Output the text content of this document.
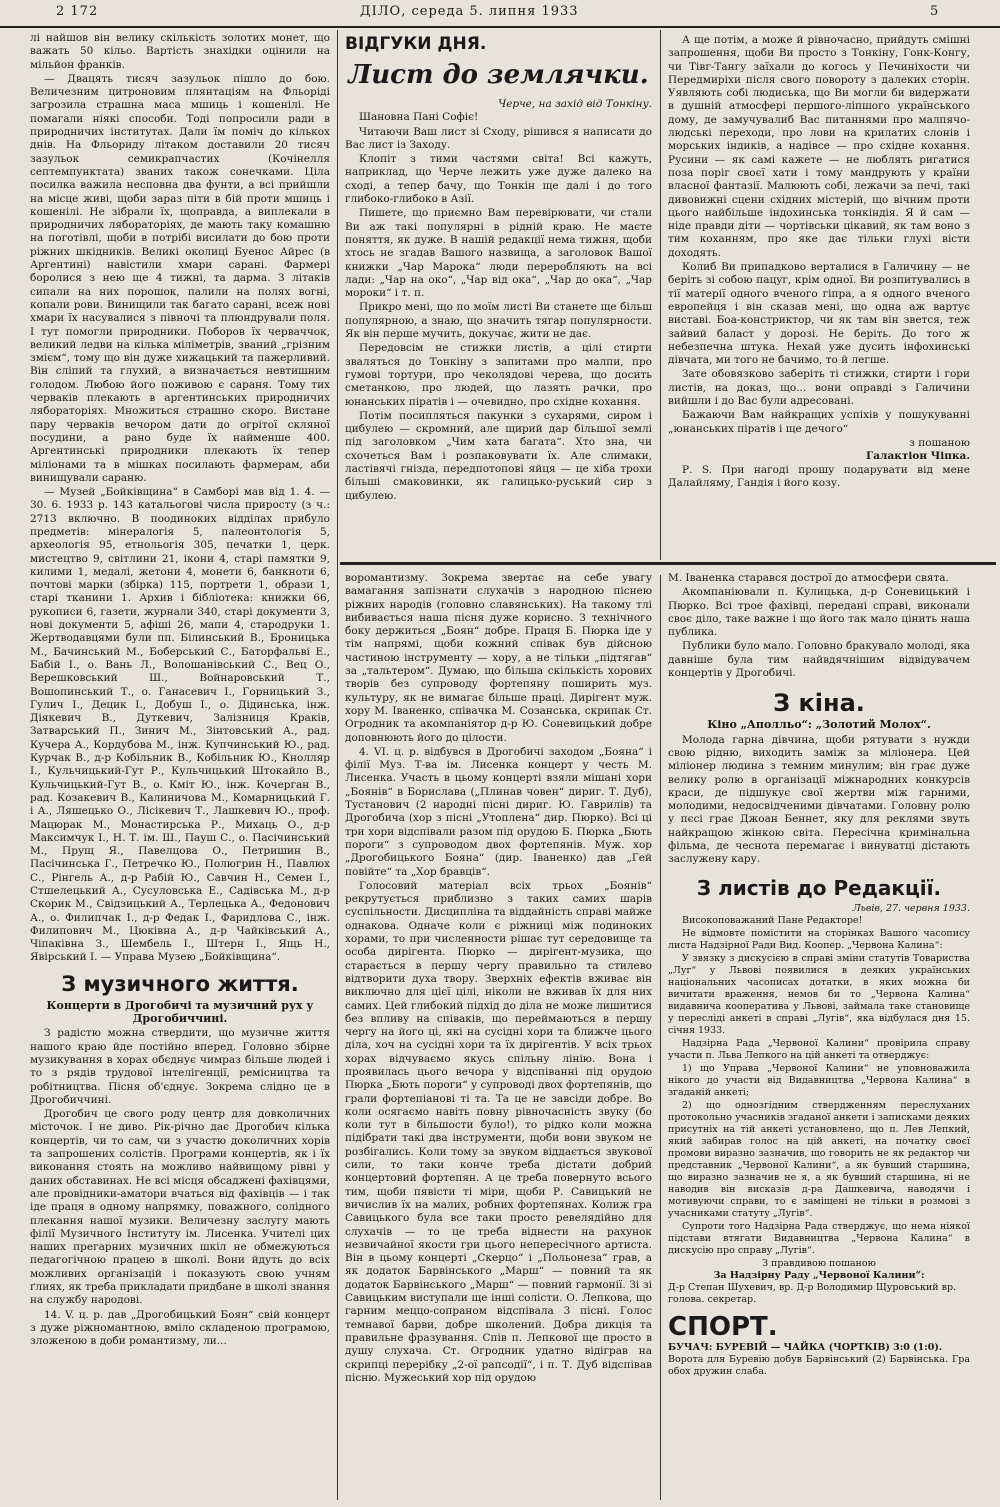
2 172	ДІЛО, середа 5. липня 1933	5

лі найшов він велику скількість золотих монет, що важать 50 кільо. Вартість знахідки оцінили на мільйон франків.

— Двацять тисяч зазульок пішло до бою. Величезним цитроновим плянтаціям на Фльоріді загрозила страшна маса мшиць і кошенілі. Не помагали ніякі способи. Тоді попросили ради в природничих інститутах. Дали їм поміч до кількох днів. На Фльориду літаком доставили 20 тисяч зазульок семикрапчастих (Кочінелля септемпунктата) званих також сонечками. Ціла посилка важила несповна два фунти, а всі прийшли на місце живі, щоби зараз піти в бій проти мшиць і кошенілі. Не зібрали їх, щоправда, а виплекали в природничих лябораторіях, де мають таку комашню на поготівлі, щоби в потрібі висилати до бою проти ріжних шкідників. Великі околиці Буенос Айрес (в Аргентині) навістили хмари сарані. Фармері боролися з нею ще 4 тижні, та дарма. З літаків сипали на них порошок, палили на полях вогні, копали рови. Винищили так багато сарані, всеж нові хмари їх насувалися з півночі та плюндрували поля. І тут помогли природники. Поборов їх черваччок, великий ледви на кілька міліметрів, званий „грізним змієм“, тому що він дуже хижацький та пажерливий. Він сліпий та глухий, а визначається невтишним голодом. Любою його поживою є сараня. Тому тих черваків плекають в аргентинських природничих лябораторіях. Множиться страшно скоро. Вистане пару черваків вечором дати до огрітої скляної посудини, а рано буде їх найменше 400. Аргентинські природники плекають їх тепер міліонами та в мішках посилають фармерам, аби винищували сараню.

— Музей „Бойківщина“ в Самборі мав від 1. 4. — 30. 6. 1933 р. 143 катальогові числа приросту (з ч.: 2713 включно. В поодиноких відділах прибуло предметів: мінералогія 5, палеонтологія 5, археологія 95, етнольогія 305, печатки 1, церк. мистецтво 9, світлини 21, ікони 4, старі памятки 9, килими 1, медалі, жетони 4, монети 6, банкноти 6, почтові марки (збірка) 115, портрети 1, образи 1, старі тканини 1. Архив і бібліотека: книжки 66, рукописи 6, газети, журнали 340, старі документи 3, нові документи 5, афіші 26, мапи 4, стародруки 1. Жертводавцями були пп. Білинський В., Броницька М., Бачинський М., Боберський С., Баторфальві Е., Бабій І., о. Вань Л., Волошанівський С., Вец О., Верешковський Ш., Войнаровський Т., Вошопинський Т., о. Ганасевич І., Горницький З., Гулич І., Децик І., Добуш І., о. Дідинська, інж. Діякевич В., Дуткевич, Залізниця Краків, Затварський П., Зинич М., Зінтовський А., рад. Кучера А., Кордубова М., інж. Купчинський Ю., рад. Курчак В., д-р Кобільник В., Кобільник Ю., Кнолляр І., Кульчицький-Гут Р., Кульчицький Штокайло В., Кульчицький-Гут В., о. Кміт Ю., інж. Кочерган В., рад. Козакевич В., Калиничова М., Комарницький Г. і А., Ляшецько О., Лісікевич Т., Лашкевич Ю., проф. Мацюрак М., Монастирська Р., Михаць О., д-р Максимчук І., Н. Т. ім. Ш., Пауш С., о. Пасічинський М., Прущ Я., Павелцова О., Петришин В., Пасічинська Г., Петречко Ю., Полюгрин Н., Павлюх С., Рінгель А., д-р Рабій Ю., Савчин Н., Семен І., Стшелецький А., Сусуловська Е., Садівська М., д-р Скорик М., Свідзицький А., Терлецька А., Федонович А., о. Филипчак І., д-р Федак І., Фаридлова С., інж. Филипович М., Цюківна А., д-р Чайківський А., Чіпаківна З., Шембель І., Штерн І., Ящь Н., Явірський І. — Управа Музею „Бойківщина“.

З музичного життя.
Концерти в Дрогобичі та музичний рух у Дрогобиччині.

З радістю можна ствердити, що музичне життя нашого краю йде постійно вперед. Головно збірне музикування в хорах обєднує чимраз більше людей і то з рядів трудової інтелігенції, ремісництва та робітництва. Пісня об'єднує. Зокрема слідно це в Дрогобиччині.

Дрогобич це свого роду центр для довколичних місточок. І не диво. Рік-річно дає Дрогобич кілька концертів, чи то сам, чи з участю доколичних хорів та запрошених солістів. Програми концертів, як і їх виконання стоять на можливо найвищому рівні у даних обставинах. Не всі місця обсаджені фахівцями, але провідники-аматори вчаться від фахівців — і так іде праця в одному напрямку, поважного, солідного плекання нашої музики. Величезну заслугу мають філії Музичного Інституту ім. Лисенка. Учителі цих наших прегарних музичних шкіл не обмежуються педагогічною працею в школі. Вони йдуть до всіх можливих організацій і показують свою учням ґлиях, як треба прикладати придбане в школі знання на службу народові.

14. V. ц. р. дав „Дрогобицький Боян“ свій концерт з дуже ріжномантною, вміло складеною програмою, зложеною в доби романтизму, ли...

ВІДГУКИ ДНЯ.
Лист до землячки.
Черче, на захід від Тонкіну.

Шановна Пані Софіє!

Читаючи Ваш лист зі Сходу, рішився я написати до Вас лист із Заходу.

Клопіт з тими частями світа! Всі кажуть, наприклад, що Черче лежить уже дуже далеко на сході, а тепер бачу, що Тонкін ще далі і до того глибоко-глибоко в Азії.

Пишете, що приємно Вам перевірювати, чи стали Ви аж такі популярні в рідній краю. Не маєте поняття, як дуже. В нашій редакції нема тижня, щоби хтось не згадав Вашого назвища, а заголовок Вашої книжки „Чар Марока“ люди переробляють на всі лади: „Чар на око“, „Чар від ока“, „Чар до ока“, „Чар мороки“ і т. п.

Прикро мені, що по моїм листі Ви станете ще більш популярною, а знаю, що значить тягар популярности. Як він перше мучить, докучає, жити не дає.

Передовсім не стижки листів, а цілі стирти зваляться до Тонкіну з запитами про малпи, про гумові тортури, про чеколядові черева, що досить сметанкою, про людей, що лазять рачки, про юнанських піратів і — очевидно, про східне кохання.

Потім посипляться пакунки з сухарями, сиром і цибулею — скромний, але щирий дар більшої землі під заголовком „Чим хата багата“. Хто зна, чи схочеться Вам і розпаковувати їх. Але слимаки, ластівячі гнізда, передпотопові яйця — це хіба трохи більші смаковинки, як галицько-руський сир з цибулею.

А ще потім, а може й рівночасно, прийдуть смішні запрошення, щоби Ви просто з Тонкіну, Гонк-Конгу, чи Тівг-Тангу заїхали до когось у Печиніхости чи Передмиріхи після свого повороту з далеких сторін. Уявляють собі людиська, що Ви могли би видержати в душній атмосфері першого-ліпшого українського дому, де замучувалиб Вас питаннями про малпячо-людські переходи, про лови на крилатих слонів і морських індиків, а надівсе — про східне кохання. Русини — як самі кажете — не люблять ригатися поза поріг своєї хати і тому мандрують у країни власної фантазії. Малюють собі, лежачи за печі, такі дивовижні сцени східних містерій, що вічним проти цього найбільше індохинська тонкіндія. Я й сам — ніде правди діти — чортівськи цікавий, як там воно з тим коханням, про яке дає тільки глухі вісти доходять.

Колиб Ви припадково верталися в Галичину — не беріть зі собою пацуг, крім одної. Ви розпитувались в тії матерії одного вченого гіпра, а я одного вченого европейця і він сказав мені, що одна аж вартує виставі. Боа-констриктор, чи як там він звется, теж зайвий баласт у дорозі. Не беріть. До того ж небезпечна штука. Нехай уже дусить інфохинські дівчата, ми того не бачимо, то й легше.

Зате обовязково заберіть ті стижки, стирти і гори листів, на доказ, що... вони оправді з Галичини вийшли і до Вас були адресовані.

Бажаючи Вам найкращих успіхів у пошукуванні „юнанських піратів і ще дечого“

з пошаною
Галактіон Чіпка.

Р. S. При нагоді прошу подарувати від мене Далайляму, Гандія і його козу.

воромантизму. Зокрема звертає на себе увагу вамагання запізнати слухачів з народною піснею ріжних народів (головно славянських). На такому тлі вибивається наша пісня дуже корисно. З технічного боку держиться „Боян“ добре. Праця Б. Пюрка іде у тім напрямі, щоби кожний співак був дійсною частиною інструменту — хору, а не тільки „підтягав“ за „тальтером“. Думаю, що більша скількість хорових творів без супроводу фортепяну поширить муз. культуру, як не вимагає більше праці. Дирігент муж. хору М. Іваненко, співачка М. Созанська, скрипак Ст. Огродник та акомпаніятор д-р Ю. Соневицький добре доповнюють його до цілости.

4. VI. ц. р. відбувся в Дрогобичі заходом „Бояна“ і філії Муз. Т-ва ім. Лисенка концерт у честь М. Лисенка. Участь в цьому концерті взяли мішані хори „Боянів“ в Борислава („Плинав човен“ дириг. Т. Дуб), Тустанович (2 народні пісні дириг. Ю. Гаврилів) та Дрогобича (хор з пісні „Утоплена“ дир. Пюрко). Всі ці три хори відспівали разом під орудою Б. Пюрка „Бють пороги“ з супроводом двох фортепянів. Муж. хор „Дрогобицького Бояна“ (дир. Іваненко) дав „Гей повійте“ та „Хор бравців“.

Голосовий матеріал всіх трьох „Боянів“ рекрутується приблизно з таких самих шарів суспільности. Дисципліна та віддайність справі майже однакова. Одначе коли є ріжниці між подиноких хорами, то при численности рішає тут середовище та особа дирігента. Пюрко — дирігент-музика, що старається в першу чергу правильно та стилево відтворити духа твору. Зверхніх ефектів вживає він виключно для цієї цілі, ніколи не вживав їх для них самих. Цей глибокий підхід до діла не може лишитися без впливу на співаків, що переймаються в першу чергу на його ці, які на сусідні хори та ближче цього діла, хоч на сусідні хори та їх дирігентів. У всіх трьох хорах відчуваємо якусь спільну лінію. Вона і проявилась цього вечора у відспіванні під орудою Пюрка „Бють пороги“ у супроводі двох фортепянів, що грали фортепіанові ті та. Та це не завсіди добре. Во коли осягаємо навіть повну рівночасність звуку (бо коли тут в більшости було!), то рідко коли можна підібрати такі два інструменти, щоби вони звуком не розбігались. Коли тому за звуком віддається звукової сили, то таки конче треба дістати добрий концертовий фортепян. А це треба повернуто всього тим, щоби пявісти ті міри, щоби Р. Савицький не вичислив їх на малих, робних фортепянах. Колиж гра Савицького була все таки просто ревелядійно для слухачів — то це треба віднести на рахунок незвичайної якости гри цього непересічного артиста. Він в цьому концерті „Скерцо“ і „Польонеза“ грав, а як додаток Барвінського „Марш“ — повний та як додаток Барвінського „Марш“ — повний гармонії. Зі зі Савицьким виступали ще інші солісти. О. Лепкова, що гарним меццо-сопраном відспівала 3 пісні. Голос темнавої барви, добре школений. Добра дикція та правильне фразування. Спів п. Лепкової ще просто в душу слухача. Ст. Огродник удатно відіграв на скрипці перерібку „2-ої рапсодії“, і п. Т. Дуб відспівав пісню. Мужеський хор під орудою

М. Іваненка старався дострої до атмосфери свята.

Акомпаніювали п. Кулицька, д-р Соневицький і Пюрко. Всі трое фахівці, передані справі, виконали своє діло, таке важне і що його так мало цінить наша публика.

Публики було мало. Головно бракувало молоді, яка давніше була тим найвдячнішим відвідувачем концертів у Дрогобичі.

З кіна.
Кіно „Аполльо“: „Золотий Молох“.

Молода гарна дівчина, щоби рятувати з нужди свою рідню, виходить заміж за міліонера. Цей міліонер людина з темним минулим; він грає дуже велику ролю в організації міжнародних конкурсів краси, де підшукує свої жертви між гарними, молодими, недосвідченими дівчатами. Головну ролю у пєсі грає Джоан Беннет, яку для реклями звуть найкращою жінкою світа. Пересічна кримінальна фільма, де чеснота перемагає і винуватці дістають заслужену кару.

З листів до Редакції.
Львів, 27. червня 1933.

Високоповажаний Пане Редакторе!

Не відмовте помістити на сторінках Вашого часопису листа Надзірної Ради Вид. Коопер. „Червона Калина“:

У звязку з дискусією в справі зміни статутів Товариства „Луг“ у Львові появилися в деяких українських національних часописах дотатки, в яких можна би вичитати враження, немов би то „Червона Калина“ видавнича кооператива у Львові, займала таке становище у пересліді анкеті в справі „Лугів“, яка відбулася дня 15. січня 1933.

Надзірна Рада „Червоної Калини“ провірила справу участи п. Льва Лепкого на цій анкеті та отверджує:

1) що Управа „Червоної Калини“ не уповноважила нікого до участи від Видавництва „Червона Калина“ в згаданій анкеті;

2) що однозгідним ствердженням переслуханих протокольно учасників згаданої анкети і записками деяких присутніх на тій анкеті установлено, що п. Лев Лепкий, який забирав голос на цій анкеті, на початку своєї промови виразно зазначив, що говорить не як редактор чи представник „Червоної Калини“, а як бувший старшина, що виразно зазначив не я, а як бувший старшина, ні не наводив він висказів д-ра Дашкевича, наводячи і мотивуючи справи, то є заміщені не тільки в розмові з учасниками статуту „Лугів“.

Супроти того Надзірна Рада стверджує, що нема ніякої підстави втягати Видавництва „Червона Калина“ в дискусію про справу „Лугів“.

З правдивою пошаною
За Надзірну Раду „Червоної Калини“:
Д-р Степан Шухевич, вр. Д-р Володимир Щуровський вр.
голова. секретар.
СПОРТ.
БУЧАЧ: БУРЕВІЙ — ЧАЙКА (ЧОРТКІВ) 3:0 (1:0).
Ворота для Буревію добув Барвінський (2) Барвінська. Гра обох дружин слаба.
